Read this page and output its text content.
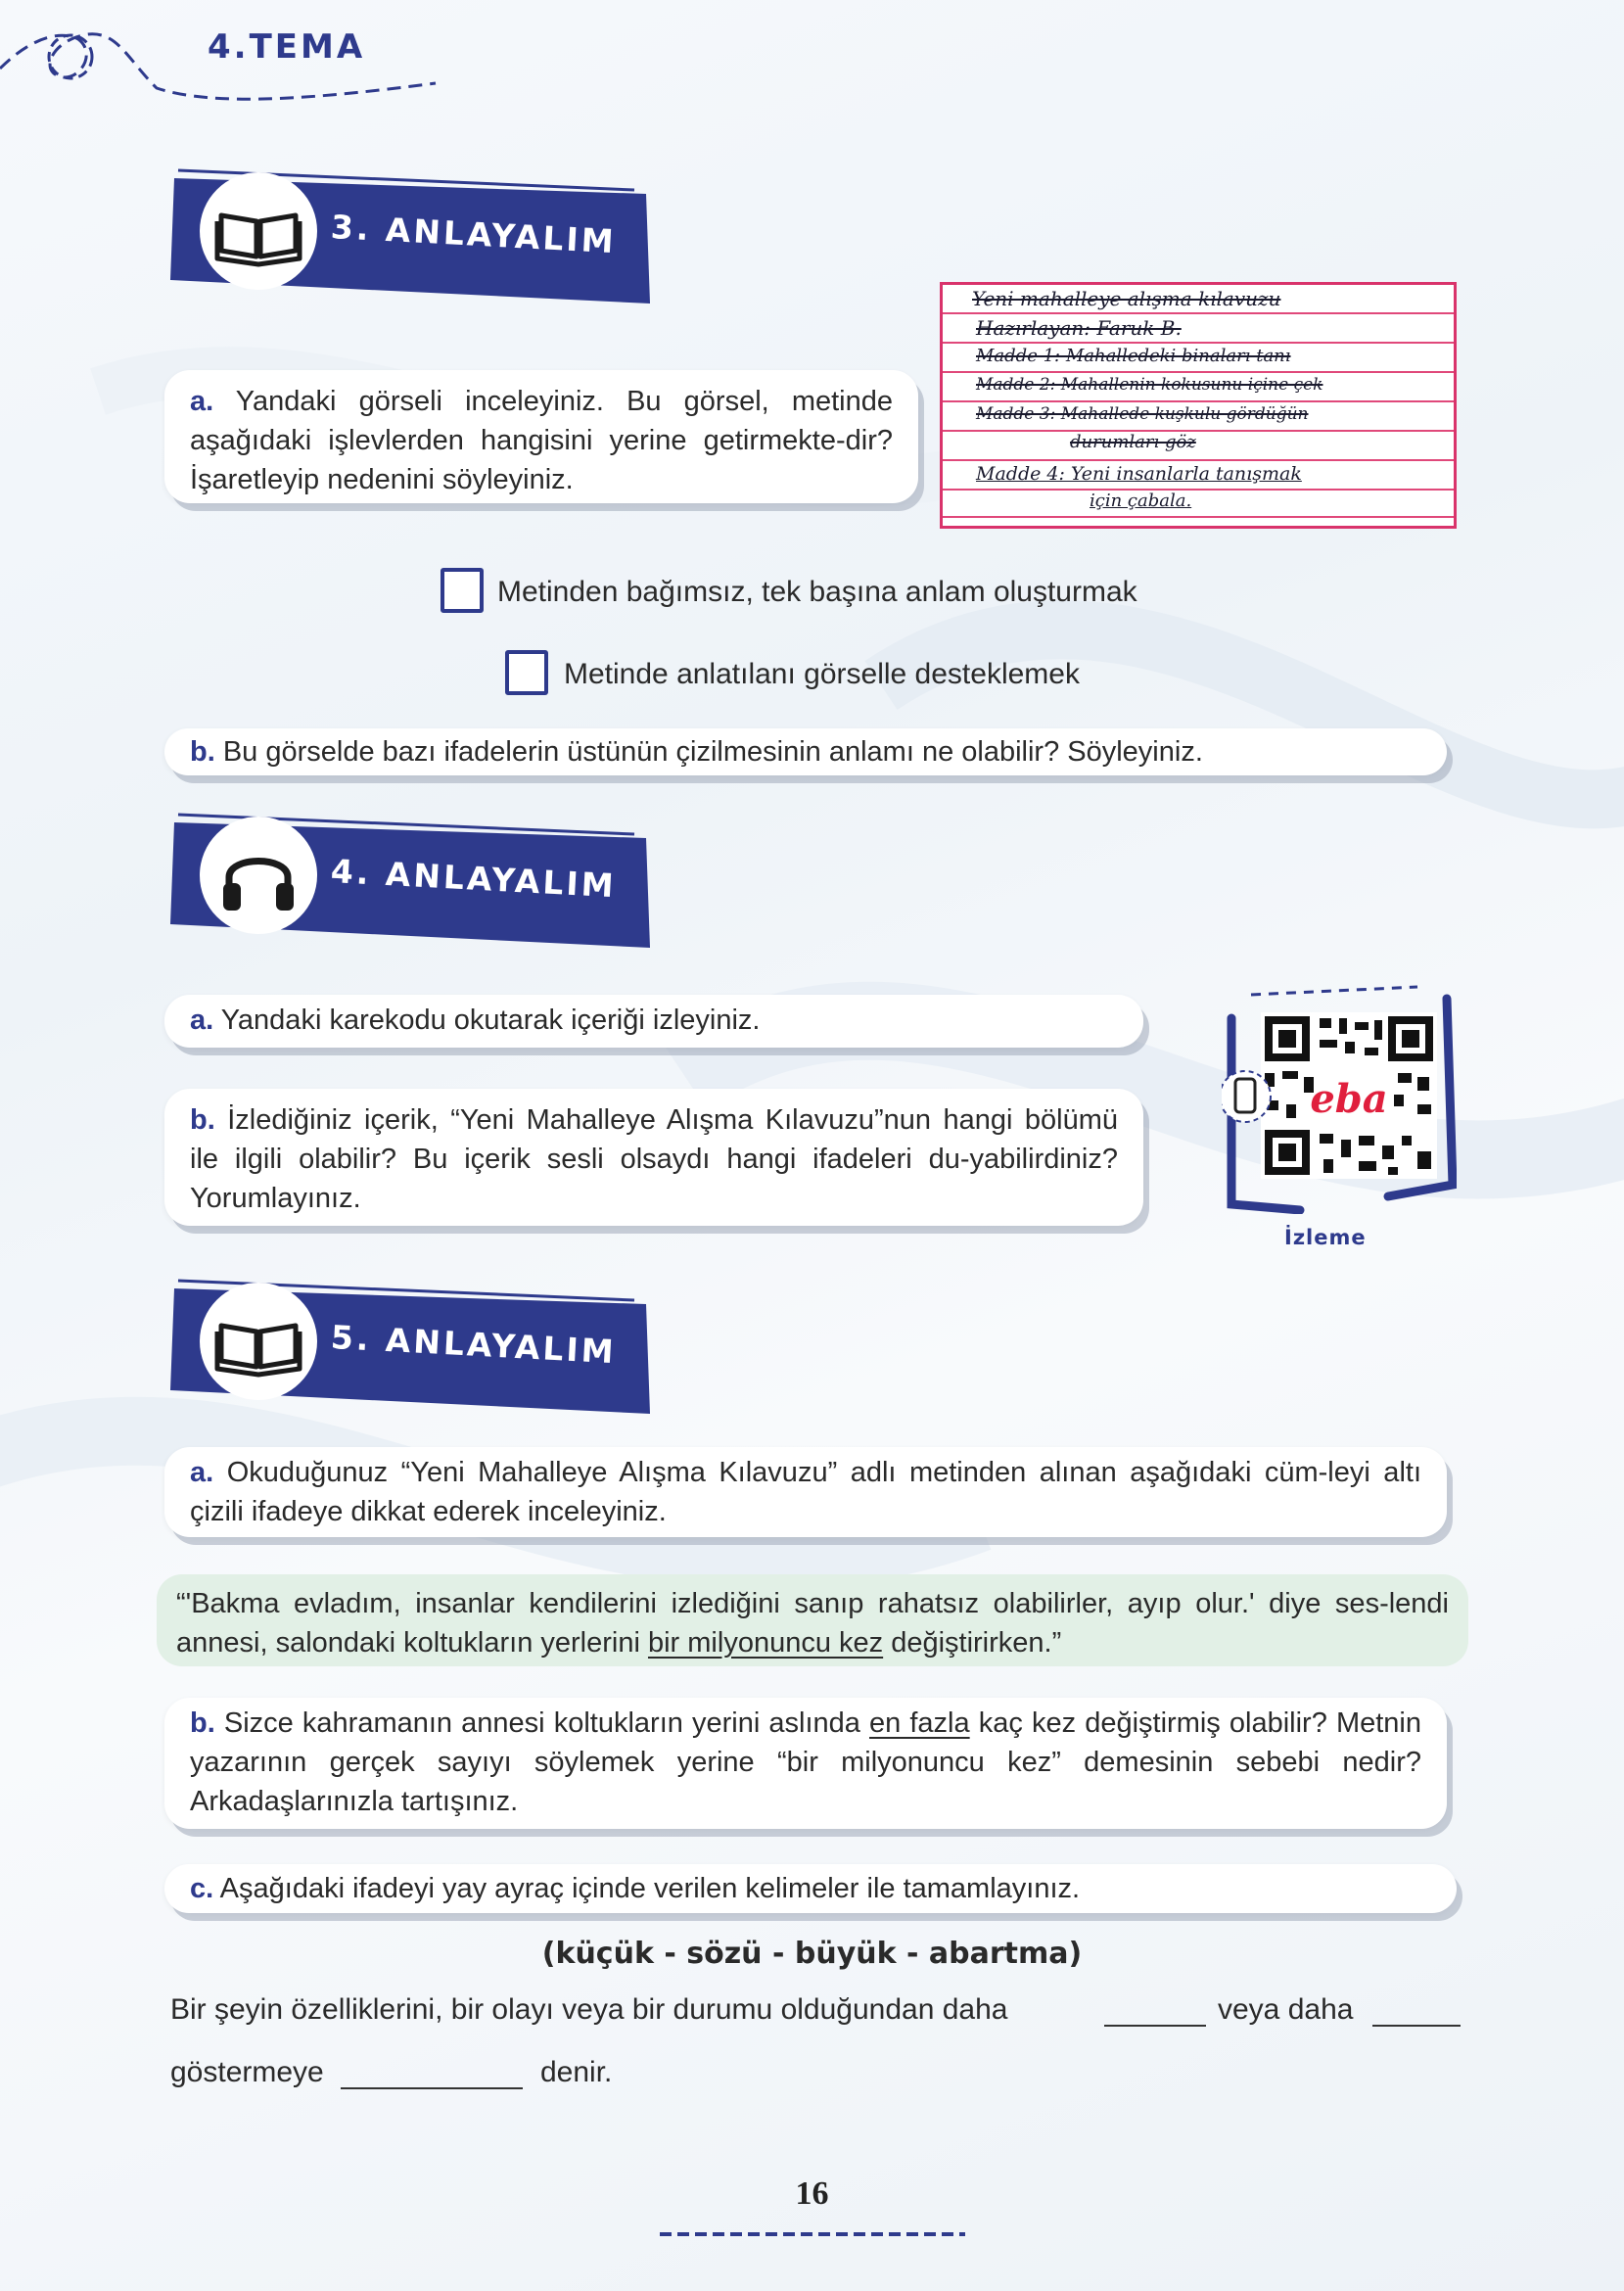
4.TEMA
3. ANLAYALIM
a. Yandaki görseli inceleyiniz. Bu görsel, metinde aşağıdaki işlevlerden hangisini yerine getirmekte-dir? İşaretleyip nedenini söyleyiniz.
Yeni mahalleye alışma kılavuzu
Hazırlayan: Faruk B.
Madde 1: Mahalledeki binaları tanı
Madde 2: Mahallenin kokusunu içine çek
Madde 3: Mahallede kuşkulu gördüğün
durumları göz
Madde 4: Yeni insanlarla tanışmak
için çabala.
Metinden bağımsız, tek başına anlam oluşturmak
Metinde anlatılanı görselle desteklemek
b. Bu görselde bazı ifadelerin üstünün çizilmesinin anlamı ne olabilir? Söyleyiniz.
4. ANLAYALIM
a. Yandaki karekodu okutarak içeriği izleyiniz.
b. İzlediğiniz içerik, “Yeni Mahalleye Alışma Kılavuzu”nun hangi bölümü ile ilgili olabilir? Bu içerik sesli olsaydı hangi ifadeleri du-yabilirdiniz? Yorumlayınız.
eba
İzleme
5. ANLAYALIM
a. Okuduğunuz “Yeni Mahalleye Alışma Kılavuzu” adlı metinden alınan aşağıdaki cüm-leyi altı çizili ifadeye dikkat ederek inceleyiniz.
“'Bakma evladım, insanlar kendilerini izlediğini sanıp rahatsız olabilirler, ayıp olur.' diye ses-lendi annesi, salondaki koltukların yerlerini bir milyonuncu kez değiştirirken.”
b. Sizce kahramanın annesi koltukların yerini aslında en fazla kaç kez değiştirmiş olabilir? Metnin yazarının gerçek sayıyı söylemek yerine “bir milyonuncu kez” demesinin sebebi nedir? Arkadaşlarınızla tartışınız.
c. Aşağıdaki ifadeyi yay ayraç içinde verilen kelimeler ile tamamlayınız.
(küçük - sözü - büyük - abartma)
Bir şeyin özelliklerini, bir olayı veya bir durumu olduğundan daha	veya daha
göstermeye	denir.
16
